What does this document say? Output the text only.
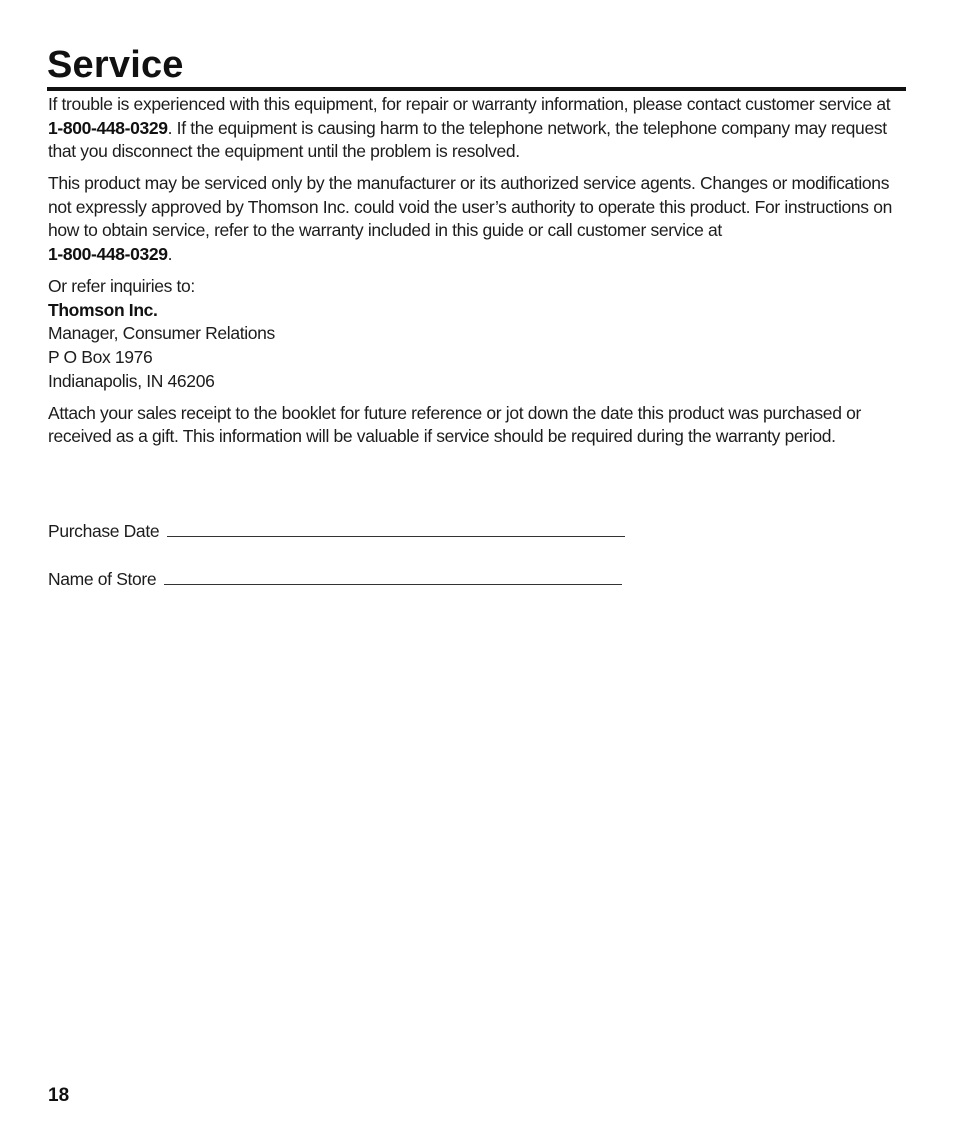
Service

If trouble is experienced with this equipment, for repair or warranty information, please contact customer service at 1-800-448-0329. If the equipment is causing harm to the telephone network, the telephone company may request that you disconnect the equipment until the problem is resolved.

This product may be serviced only by the manufacturer or its authorized service agents. Changes or modifications not expressly approved by Thomson Inc. could void the user’s authority to operate this product. For instructions on how to obtain service, refer to the warranty included in this guide or call customer service at
1-800-448-0329.

Or refer inquiries to:
Thomson Inc.
Manager, Consumer Relations
P O Box 1976
Indianapolis, IN 46206

Attach your sales receipt to the booklet for future reference or jot down the date this product was purchased or received as a gift. This information will be valuable if service should be required during the warranty period.

Purchase Date
Name of Store
18
